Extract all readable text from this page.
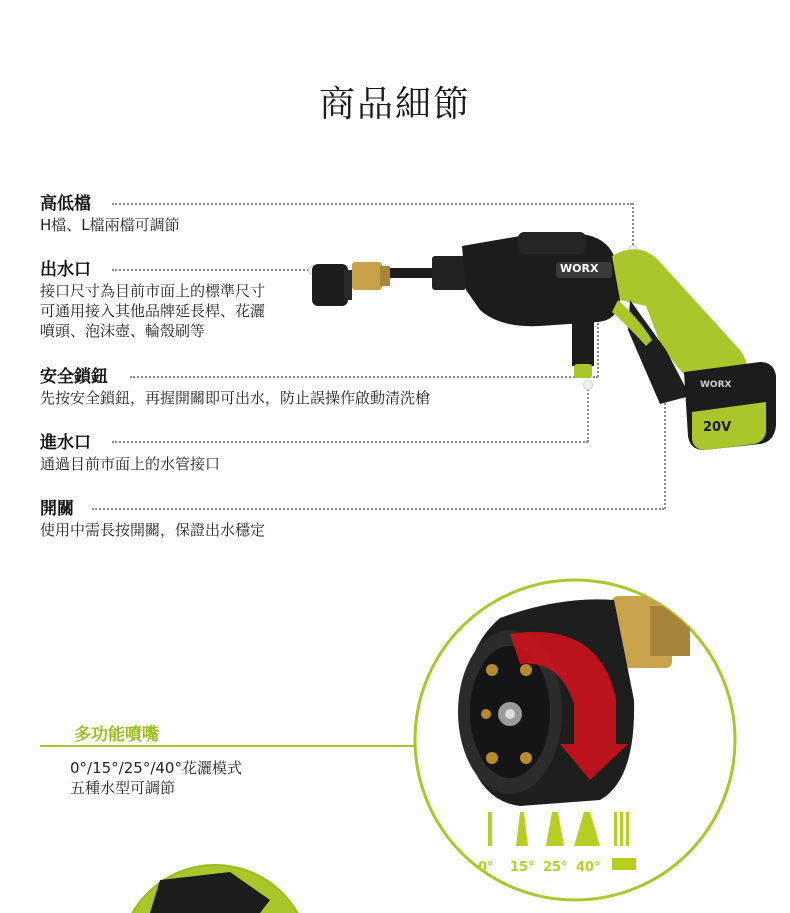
商品細節
高低檔
H檔、L檔兩檔可調節
出水口
接口尺寸為目前市面上的標準尺寸
可通用接入其他品牌延長桿、花灑
噴頭、泡沫壺、輪殼刷等
安全鎖鈕
先按安全鎖鈕，再握開關即可出水，防止誤操作啟動清洗槍
進水口
通過目前市面上的水管接口
開關
使用中需長按開關，保證出水穩定
WORX
20V
WORX
多功能噴嘴
0°/15°/25°/40°花灑模式
五種水型可調節
0° 15° 25° 40°
